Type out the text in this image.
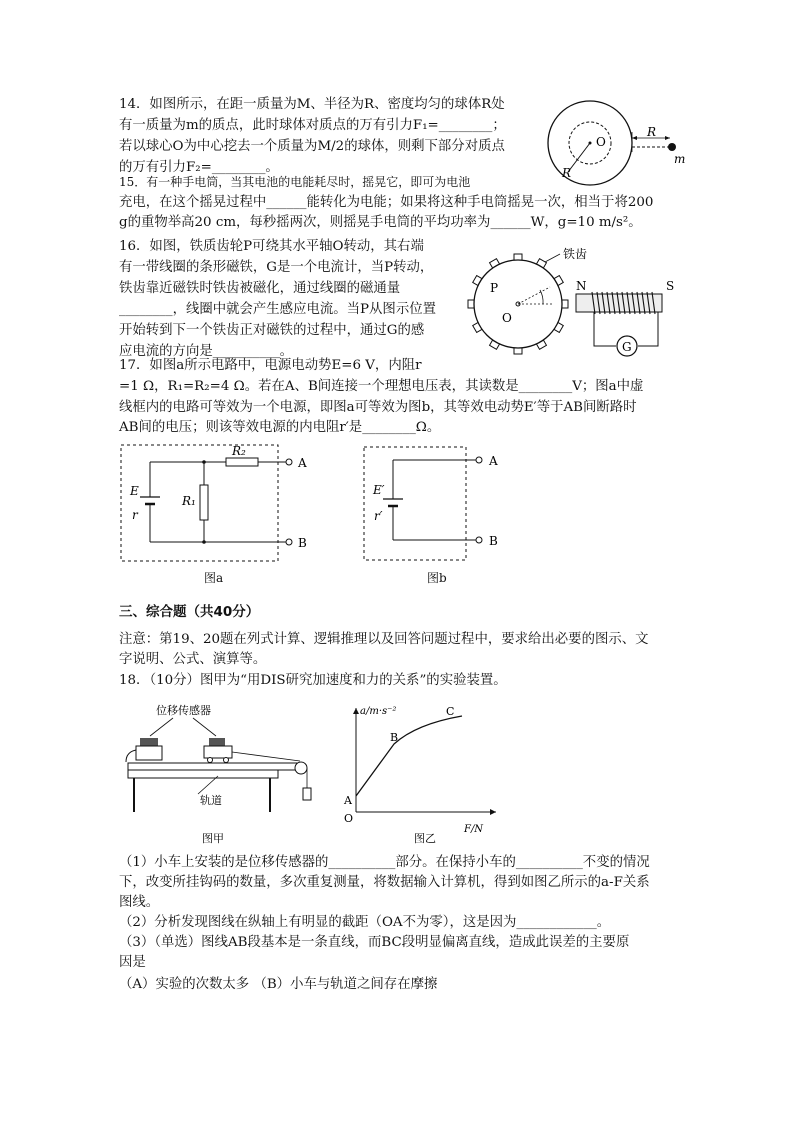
14．如图所示，在距一质量为M、半径为R、密度均匀的球体R处
有一质量为m的质点，此时球体对质点的万有引力F₁=________；
若以球心O为中心挖去一个质量为M/2的球体，则剩下部分对质点
的万有引力F₂=________。
O
R
R
m
15．有一种手电筒，当其电池的电能耗尽时，摇晃它，即可为电池
充电，在这个摇晃过程中______能转化为电能；如果将这种手电筒摇晃一次，相当于将200
g的重物举高20 cm，每秒摇两次，则摇晃手电筒的平均功率为______W，g=10 m/s²。
16．如图，铁质齿轮P可绕其水平轴O转动，其右端
有一带线圈的条形磁铁，G是一个电流计，当P转动，
铁齿靠近磁铁时铁齿被磁化，通过线圈的磁通量
________，线圈中就会产生感应电流。当P从图示位置
开始转到下一个铁齿正对磁铁的过程中，通过G的感
应电流的方向是__________。
P
O
铁齿
N	S
G
17．如图a所示电路中，电源电动势E=6 V，内阻r
=1 Ω，R₁=R₂=4 Ω。若在A、B间连接一个理想电压表，其读数是________V；图a中虚
线框内的电路可等效为一个电源，即图a可等效为图b，其等效电动势E′等于AB间断路时
AB间的电压；则该等效电源的内电阻r′是________Ω。
R₂
R₁
E
r
A
B
图a
E′
r′
A
B
图b
三、综合题（共40分）
注意：第19、20题在列式计算、逻辑推理以及回答问题过程中，要求给出必要的图示、文
字说明、公式、演算等。
18．（10分）图甲为“用DIS研究加速度和力的关系”的实验装置。
位移传感器
轨道
图甲
a/m·s⁻²
F/N
O
A
B
C
图乙
（1）小车上安装的是位移传感器的__________部分。在保持小车的__________不变的情况
下，改变所挂钩码的数量，多次重复测量，将数据输入计算机，得到如图乙所示的a-F关系
图线。
（2）分析发现图线在纵轴上有明显的截距（OA不为零），这是因为____________。
（3）（单选）图线AB段基本是一条直线，而BC段明显偏离直线，造成此误差的主要原
因是
（A）实验的次数太多 （B）小车与轨道之间存在摩擦
